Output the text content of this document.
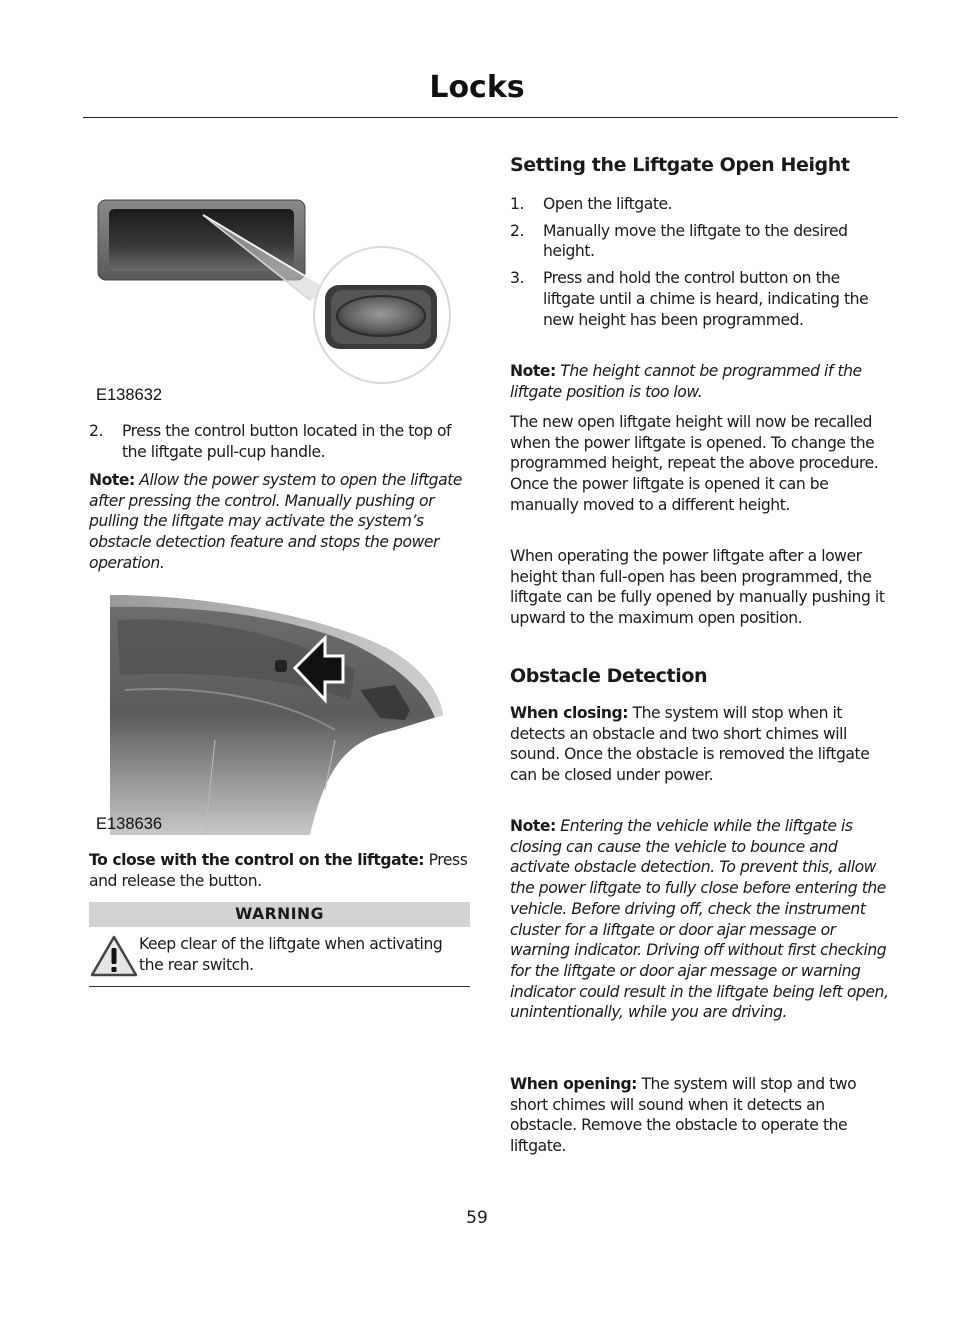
Locks
E138632
2.	Press the control button located in the top of the liftgate pull-cup handle.

Note: Allow the power system to open the liftgate after pressing the control. Manually pushing or pulling the liftgate may activate the system’s obstacle detection feature and stops the power operation.

E138636

To close with the control on the liftgate: Press and release the button.

WARNING
Keep clear of the liftgate when activating the rear switch.
Setting the Liftgate Open Height
1.	Open the liftgate.
2.	Manually move the liftgate to the desired height.
3.	Press and hold the control button on the liftgate until a chime is heard, indicating the new height has been programmed.

Note: The height cannot be programmed if the liftgate position is too low.

The new open liftgate height will now be recalled when the power liftgate is opened. To change the programmed height, repeat the above procedure. Once the power liftgate is opened it can be manually moved to a different height.

When operating the power liftgate after a lower height than full-open has been programmed, the liftgate can be fully opened by manually pushing it upward to the maximum open position.

Obstacle Detection

When closing: The system will stop when it detects an obstacle and two short chimes will sound. Once the obstacle is removed the liftgate can be closed under power.

Note: Entering the vehicle while the liftgate is closing can cause the vehicle to bounce and activate obstacle detection. To prevent this, allow the power liftgate to fully close before entering the vehicle. Before driving off, check the instrument cluster for a liftgate or door ajar message or warning indicator. Driving off without first checking for the liftgate or door ajar message or warning indicator could result in the liftgate being left open, unintentionally, while you are driving.

When opening: The system will stop and two short chimes will sound when it detects an obstacle. Remove the obstacle to operate the liftgate.

59
